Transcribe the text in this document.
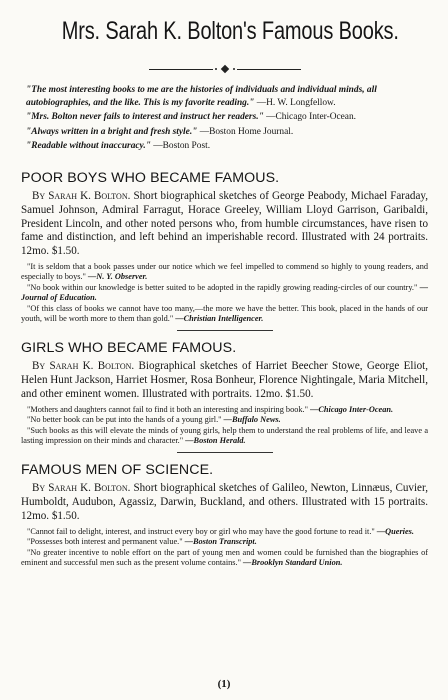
Mrs. Sarah K. Bolton's Famous Books.

"The most interesting books to me are the histories of individuals and individual minds, all autobiographies, and the like. This is my favorite reading." —H. W. Longfellow.

"Mrs. Bolton never fails to interest and instruct her readers." —Chicago Inter-Ocean.

"Always written in a bright and fresh style." —Boston Home Journal.

"Readable without inaccuracy." —Boston Post.

POOR BOYS WHO BECAME FAMOUS.

By Sarah K. Bolton. Short biographical sketches of George Peabody, Michael Faraday, Samuel Johnson, Admiral Farragut, Horace Greeley, William Lloyd Garrison, Garibaldi, President Lincoln, and other noted persons who, from humble circumstances, have risen to fame and distinction, and left behind an imperishable record. Illustrated with 24 portraits. 12mo. $1.50.

"It is seldom that a book passes under our notice which we feel impelled to commend so highly to young readers, and especially to boys." —N. Y. Observer.

"No book within our knowledge is better suited to be adopted in the rapidly growing reading-circles of our country." —Journal of Education.

"Of this class of books we cannot have too many,—the more we have the better. This book, placed in the hands of our youth, will be worth more to them than gold." —Christian Intelligencer.

GIRLS WHO BECAME FAMOUS.

By Sarah K. Bolton. Biographical sketches of Harriet Beecher Stowe, George Eliot, Helen Hunt Jackson, Harriet Hosmer, Rosa Bonheur, Florence Nightingale, Maria Mitchell, and other eminent women. Illustrated with portraits. 12mo. $1.50.

"Mothers and daughters cannot fail to find it both an interesting and inspiring book." —Chicago Inter-Ocean.

"No better book can be put into the hands of a young girl." —Buffalo News.

"Such books as this will elevate the minds of young girls, help them to understand the real problems of life, and leave a lasting impression on their minds and character." —Boston Herald.

FAMOUS MEN OF SCIENCE.

By Sarah K. Bolton. Short biographical sketches of Galileo, Newton, Linnæus, Cuvier, Humboldt, Audubon, Agassiz, Darwin, Buckland, and others. Illustrated with 15 portraits. 12mo. $1.50.

"Cannot fail to delight, interest, and instruct every boy or girl who may have the good fortune to read it." —Queries.

"Possesses both interest and permanent value." —Boston Transcript.

"No greater incentive to noble effort on the part of young men and women could be furnished than the biographies of eminent and successful men such as the present volume contains." —Brooklyn Standard Union.

(1)
